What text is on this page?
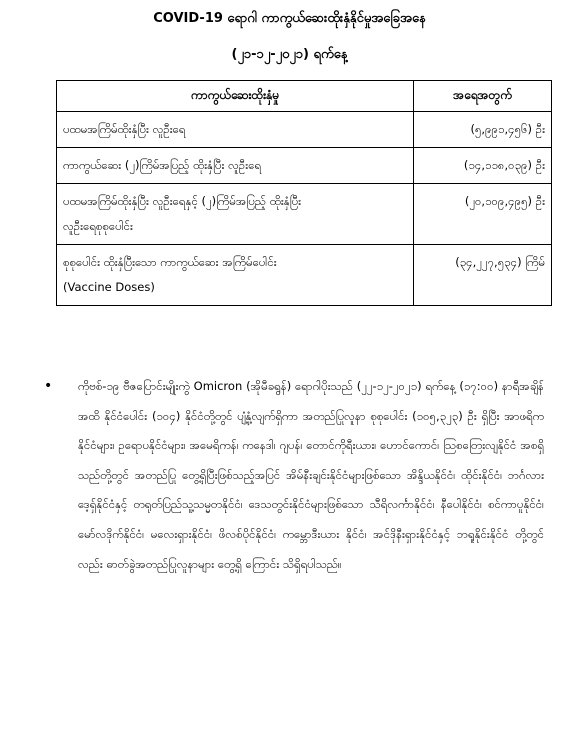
COVID-19 ရောဂါ ကာကွယ်ဆေးထိုးနှံနိုင်မှုအခြေအနေ
(၂၁-၁၂-၂၀၂၁) ရက်နေ့
ကာကွယ်ဆေးထိုးနှံမှု	အရေအတွက်
ပထမအကြိမ်ထိုးနှံပြီး လူဦးရေ	(၅,၉၉၁,၄၅၆) ဦး
ကာကွယ်ဆေး (၂)ကြိမ်အပြည့် ထိုးနှံပြီး လူဦးရေ	(၁၄,၁၁၈,၀၃၉) ဦး
ပထမအကြိမ်ထိုးနှံပြီး လူဦးရေနှင့် (၂)ကြိမ်အပြည့် ထိုးနှံပြီး
လူဦးရေစုစုပေါင်း	(၂၀,၁၀၉,၄၉၅) ဦး
စုစုပေါင်း ထိုးနှံပြီးသော ကာကွယ်ဆေး အကြိမ်ပေါင်း
(Vaccine Doses)	(၃၄,၂၂၇,၅၃၄) ကြိမ်
• ကိုဗစ်-၁၉ ဗီဇပြောင်းမျိုးကွဲ Omicron (အိုမီခရွန်) ရောဂါပိုးသည် (၂၂-၁၂-၂၀၂၁) ရက်နေ့ (၁၇:၀၀) နာရီအချိန်အထိ နိုင်ငံပေါင်း (၁၀၄) နိုင်ငံတို့တွင် ပျံ့နှံ့လျက်ရှိကာ အတည်ပြုလူနာ စုစုပေါင်း (၁၀၅,၃၂၃) ဦး ရှိပြီး အာဖရိကနိုင်ငံများ၊ ဥရောပနိုင်ငံများ၊ အမေရိကန်၊ ကနေဒါ၊ ဂျပန်၊ တောင်ကိုရီးယား၊ ဟောင်ကောင်၊ ဩစတြေးလျနိုင်ငံ အစရှိသည်တို့တွင် အတည်ပြု တွေ့ရှိပြီးဖြစ်သည့်အပြင် အိမ်နီးချင်းနိုင်ငံများဖြစ်သော အိန္ဒိယနိုင်ငံ၊ ထိုင်းနိုင်ငံ၊ ဘင်္ဂလား ဒေ့ရှ်နိုင်ငံနှင့် တရုတ်ပြည်သူ့သမ္မတနိုင်ငံ၊ ဒေသတွင်းနိုင်ငံများဖြစ်သော သီရိလင်္ကာနိုင်ငံ၊ နီပေါနိုင်ငံ၊ စင်ကာပူနိုင်ငံ၊ မော်လဒိုက်နိုင်ငံ၊ မလေးရှားနိုင်ငံ၊ ဖိလစ်ပိုင်နိုင်ငံ၊ ကမ္ဘောဒီးယား နိုင်ငံ၊ အင်ဒိုနီးရှားနိုင်ငံနှင့် ဘရူနိုင်းနိုင်ငံ တို့တွင်လည်း ဓာတ်ခွဲအတည်ပြုလူနာများ တွေ့ရှိ ကြောင်း သိရှိရပါသည်။
